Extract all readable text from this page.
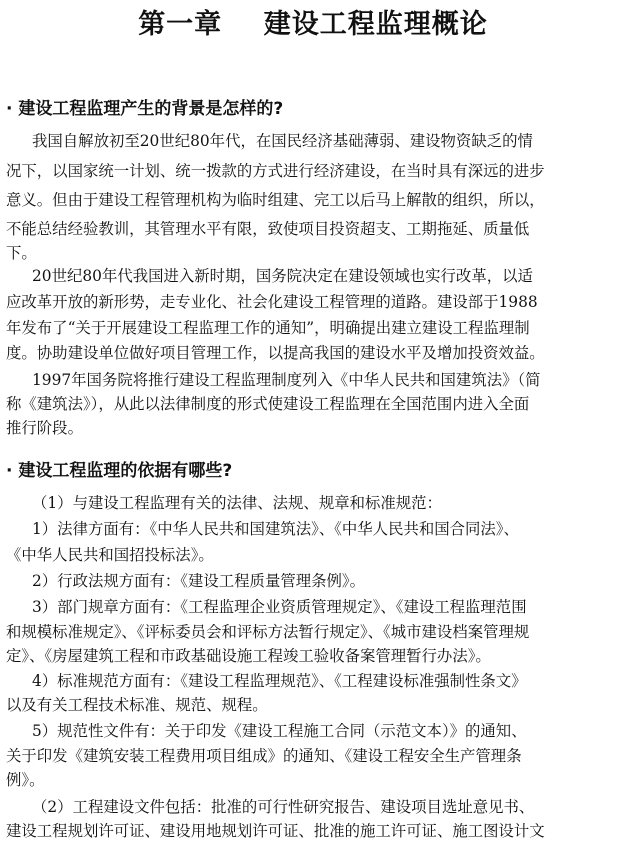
第一章    建设工程监理概论
· 建设工程监理产生的背景是怎样的?
我国自解放初至20世纪80年代，在国民经济基础薄弱、建设物资缺乏的情
况下，以国家统一计划、统一拨款的方式进行经济建设，在当时具有深远的进步
意义。但由于建设工程管理机构为临时组建、完工以后马上解散的组织，所以，
不能总结经验教训，其管理水平有限，致使项目投资超支、工期拖延、质量低
下。
20世纪80年代我国进入新时期，国务院决定在建设领域也实行改革，以适
应改革开放的新形势，走专业化、社会化建设工程管理的道路。建设部于1988
年发布了“关于开展建设工程监理工作的通知”，明确提出建立建设工程监理制
度。协助建设单位做好项目管理工作，以提高我国的建设水平及增加投资效益。
1997年国务院将推行建设工程监理制度列入《中华人民共和国建筑法》（简
称《建筑法》），从此以法律制度的形式使建设工程监理在全国范围内进入全面
推行阶段。
· 建设工程监理的依据有哪些?
（1）与建设工程监理有关的法律、法规、规章和标准规范：
1）法律方面有：《中华人民共和国建筑法》、《中华人民共和国合同法》、
《中华人民共和国招投标法》。
2）行政法规方面有：《建设工程质量管理条例》。
3）部门规章方面有：《工程监理企业资质管理规定》、《建设工程监理范围
和规模标准规定》、《评标委员会和评标方法暂行规定》、《城市建设档案管理规
定》、《房屋建筑工程和市政基础设施工程竣工验收备案管理暂行办法》。
4）标准规范方面有：《建设工程监理规范》、《工程建设标准强制性条文》
以及有关工程技术标准、规范、规程。
5）规范性文件有：关于印发《建设工程施工合同（示范文本）》的通知、
关于印发《建筑安装工程费用项目组成》的通知、《建设工程安全生产管理条
例》。
（2）工程建设文件包括：批准的可行性研究报告、建设项目选址意见书、
建设工程规划许可证、建设用地规划许可证、批准的施工许可证、施工图设计文
